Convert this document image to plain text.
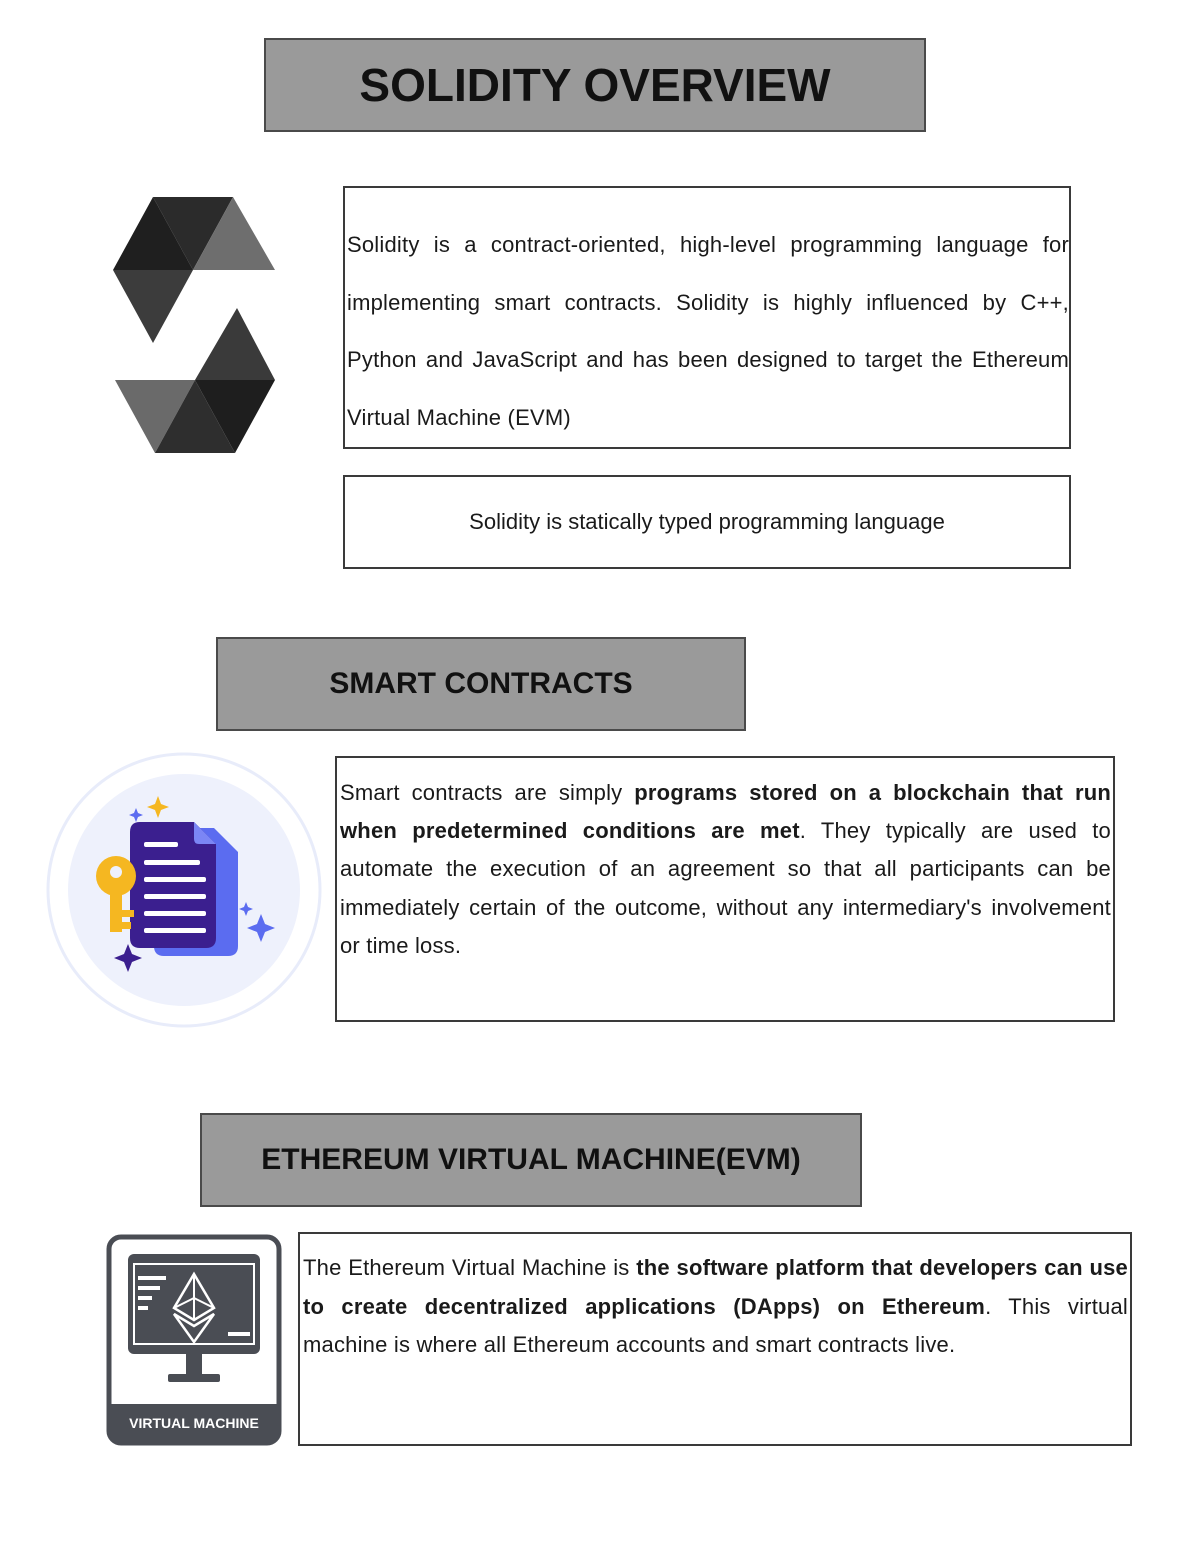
SOLIDITY OVERVIEW

Solidity is a contract-oriented, high-level programming language for implementing smart contracts. Solidity is highly influenced by C++, Python and JavaScript and has been designed to target the Ethereum Virtual Machine (EVM)

Solidity is statically typed programming language
SMART CONTRACTS

Smart contracts are simply programs stored on a blockchain that run when predetermined conditions are met. They typically are used to automate the execution of an agreement so that all participants can be immediately certain of the outcome, without any intermediary's involvement or time loss.

ETHEREUM VIRTUAL MACHINE(EVM)
VIRTUAL MACHINE

The Ethereum Virtual Machine is the software platform that developers can use to create decentralized applications (DApps) on Ethereum. This virtual machine is where all Ethereum accounts and smart contracts live.
